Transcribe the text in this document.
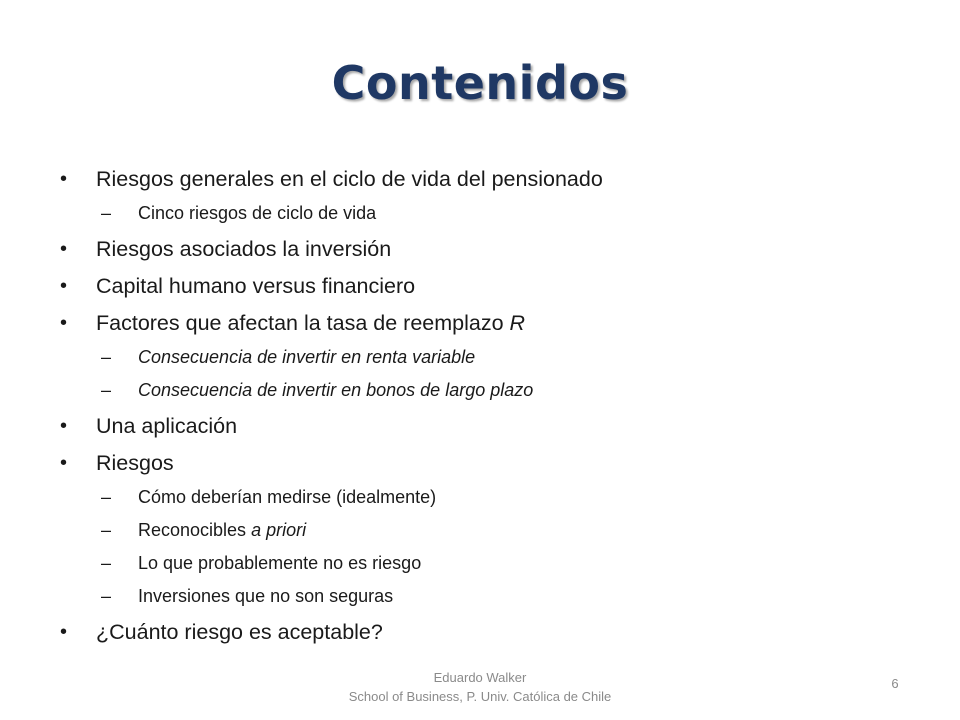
Contenidos
• Riesgos generales en el ciclo de vida del pensionado
– Cinco riesgos de ciclo de vida
• Riesgos asociados la inversión
• Capital humano versus financiero
• Factores que afectan la tasa de reemplazo R
– Consecuencia de invertir en renta variable
– Consecuencia de invertir en bonos de largo plazo
• Una aplicación
• Riesgos
– Cómo deberían medirse (idealmente)
– Reconocibles a priori
– Lo que probablemente no es riesgo
– Inversiones que no son seguras
• ¿Cuánto riesgo es aceptable?
Eduardo Walker
School of Business, P. Univ. Católica de Chile
6
